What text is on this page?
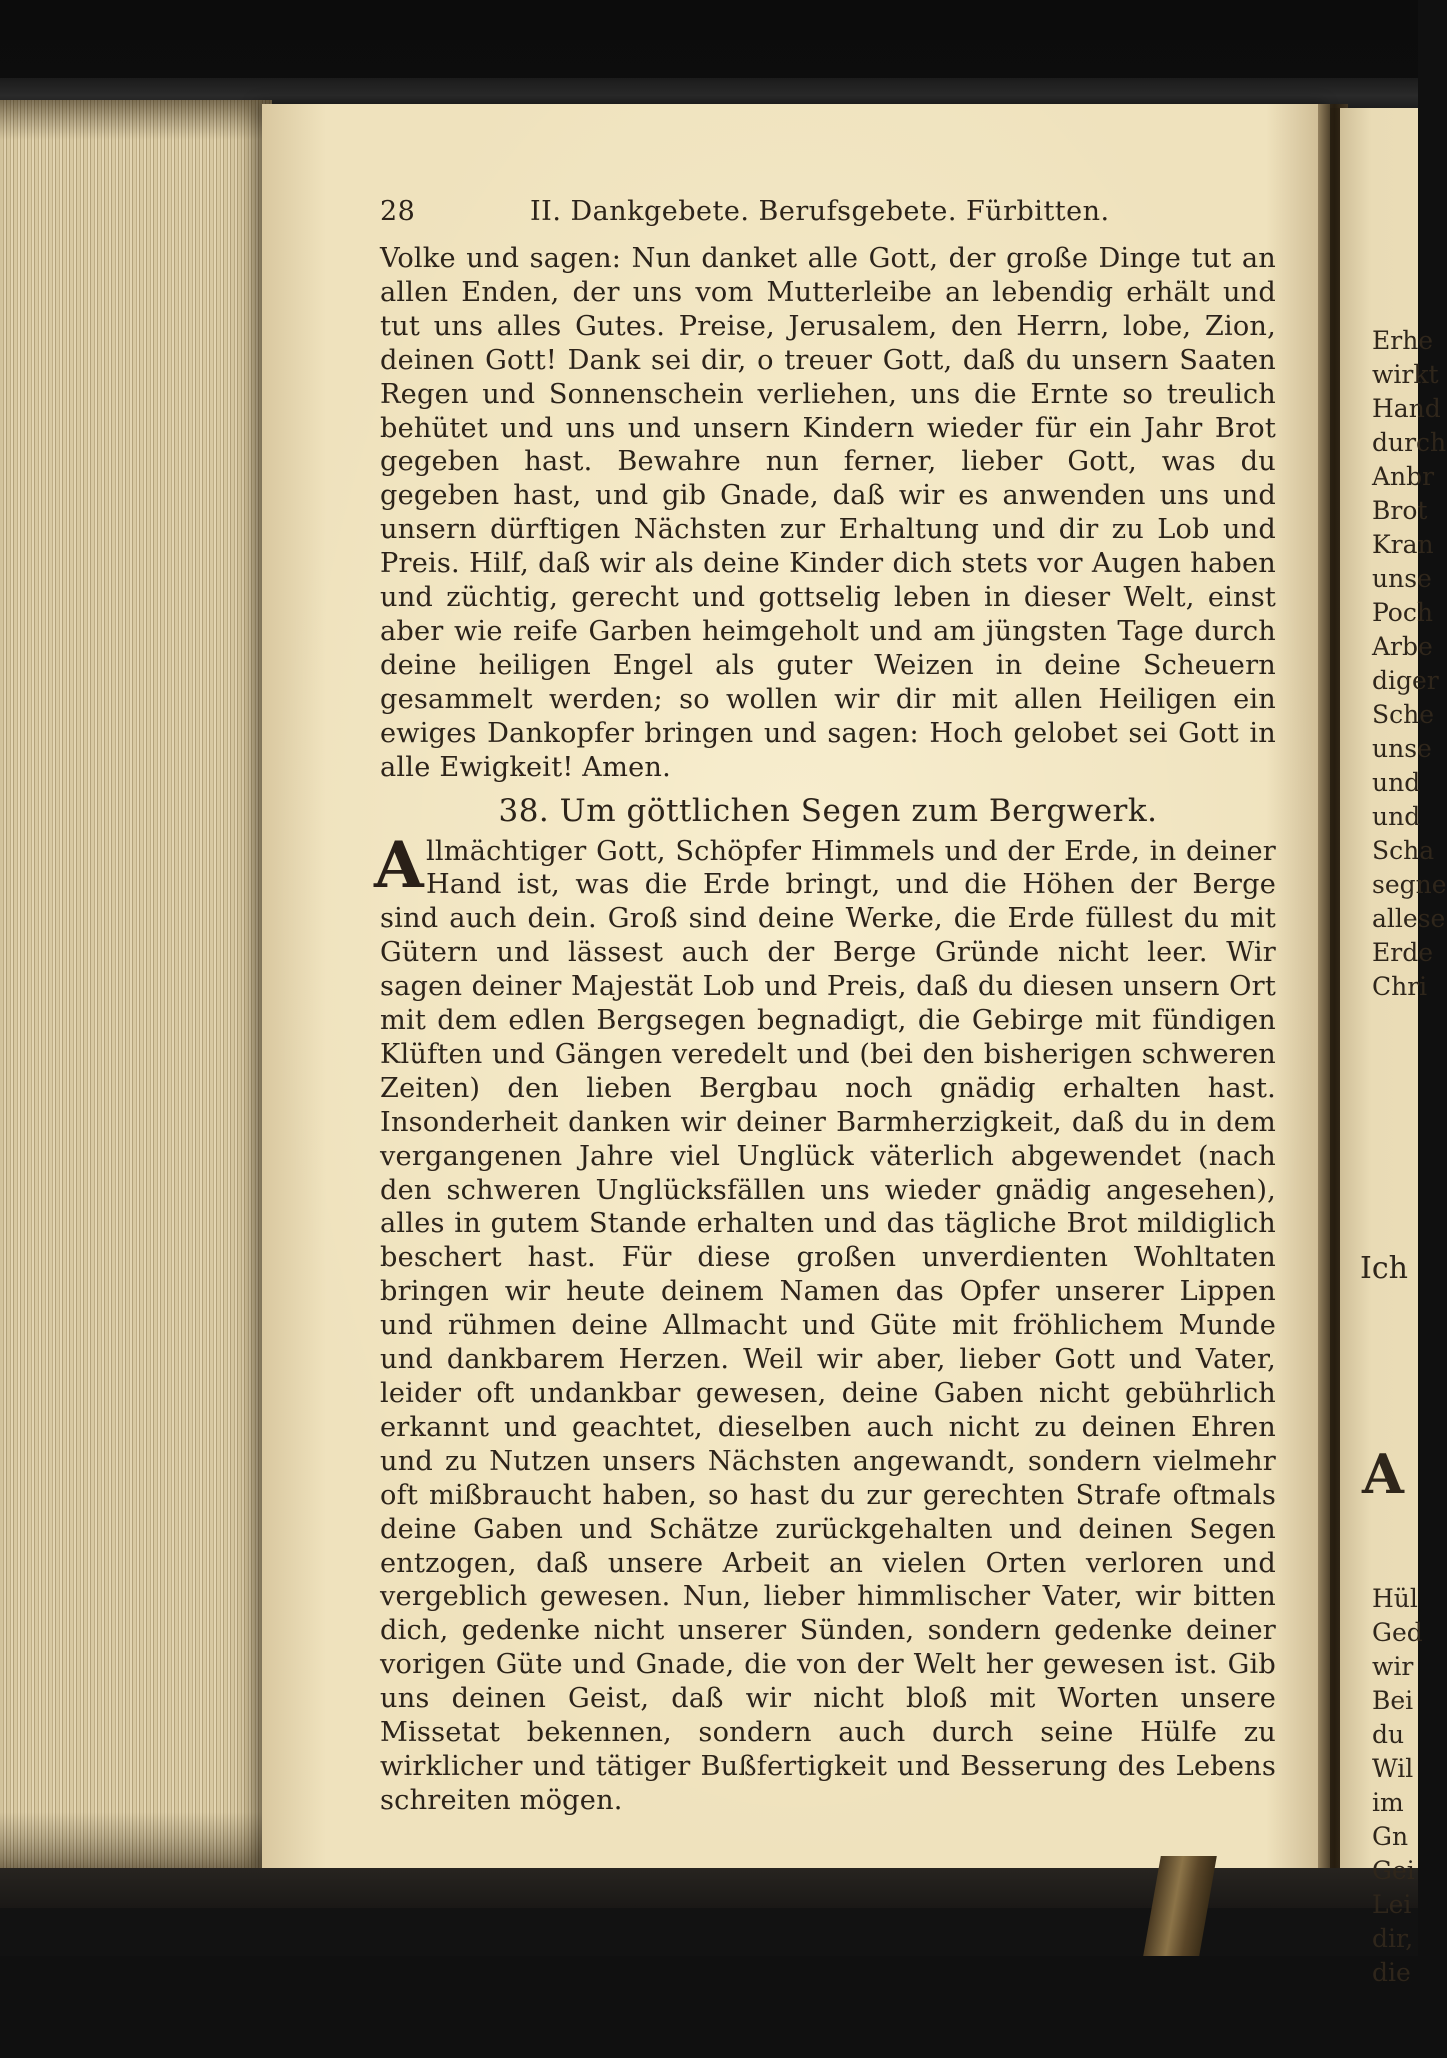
28	II. Dankgebete. Berufsgebete. Fürbitten.

Volke und sagen: Nun danket alle Gott, der große Dinge tut an allen Enden, der uns vom Mutterleibe an lebendig erhält und tut uns alles Gutes. Preise, Jerusalem, den Herrn, lobe, Zion, deinen Gott! Dank sei dir, o treuer Gott, daß du unsern Saaten Regen und Sonnenschein verliehen, uns die Ernte so treulich behütet und uns und unsern Kindern wieder für ein Jahr Brot gegeben hast. Bewahre nun ferner, lieber Gott, was du gegeben hast, und gib Gnade, daß wir es anwenden uns und unsern dürftigen Nächsten zur Erhaltung und dir zu Lob und Preis. Hilf, daß wir als deine Kinder dich stets vor Augen haben und züchtig, gerecht und gottselig leben in dieser Welt, einst aber wie reife Garben heimgeholt und am jüngsten Tage durch deine heiligen Engel als guter Weizen in deine Scheuern gesammelt werden; so wollen wir dir mit allen Heiligen ein ewiges Dankopfer bringen und sagen: Hoch gelobet sei Gott in alle Ewigkeit! Amen.

38. Um göttlichen Segen zum Bergwerk.

Allmächtiger Gott, Schöpfer Himmels und der Erde, in deiner Hand ist, was die Erde bringt, und die Höhen der Berge sind auch dein. Groß sind deine Werke, die Erde füllest du mit Gütern und lässest auch der Berge Gründe nicht leer. Wir sagen deiner Majestät Lob und Preis, daß du diesen unsern Ort mit dem edlen Bergsegen begnadigt, die Gebirge mit fündigen Klüften und Gängen veredelt und (bei den bisherigen schweren Zeiten) den lieben Bergbau noch gnädig erhalten hast. Insonderheit danken wir deiner Barmherzigkeit, daß du in dem vergangenen Jahre viel Unglück väterlich abgewendet (nach den schweren Unglücksfällen uns wieder gnädig angesehen), alles in gutem Stande erhalten und das tägliche Brot mildiglich beschert hast. Für diese großen unverdienten Wohltaten bringen wir heute deinem Namen das Opfer unserer Lippen und rühmen deine Allmacht und Güte mit fröhlichem Munde und dankbarem Herzen. Weil wir aber, lieber Gott und Vater, leider oft undankbar gewesen, deine Gaben nicht gebührlich erkannt und geachtet, dieselben auch nicht zu deinen Ehren und zu Nutzen unsers Nächsten angewandt, sondern vielmehr oft mißbraucht haben, so hast du zur gerechten Strafe oftmals deine Gaben und Schätze zurückgehalten und deinen Segen entzogen, daß unsere Arbeit an vielen Orten verloren und vergeblich gewesen. Nun, lieber himmlischer Vater, wir bitten dich, gedenke nicht unserer Sünden, sondern gedenke deiner vorigen Güte und Gnade, die von der Welt her gewesen ist. Gib uns deinen Geist, daß wir nicht bloß mit Worten unsere Missetat bekennen, sondern auch durch seine Hülfe zu wirklicher und tätiger Bußfertigkeit und Besserung des Lebens schreiten mögen.

Erhe
wirkt
Hand
durch
Anbr
Brot
Kran
unse
Poch
Arbe
diger
Sche
unse
und
und
Scha
segne
allese
Erde
Chri

Ich

A

Hül
Ged
wir
Bei
du
Wil
im
Gn
Gei
Lei
dir,
die
